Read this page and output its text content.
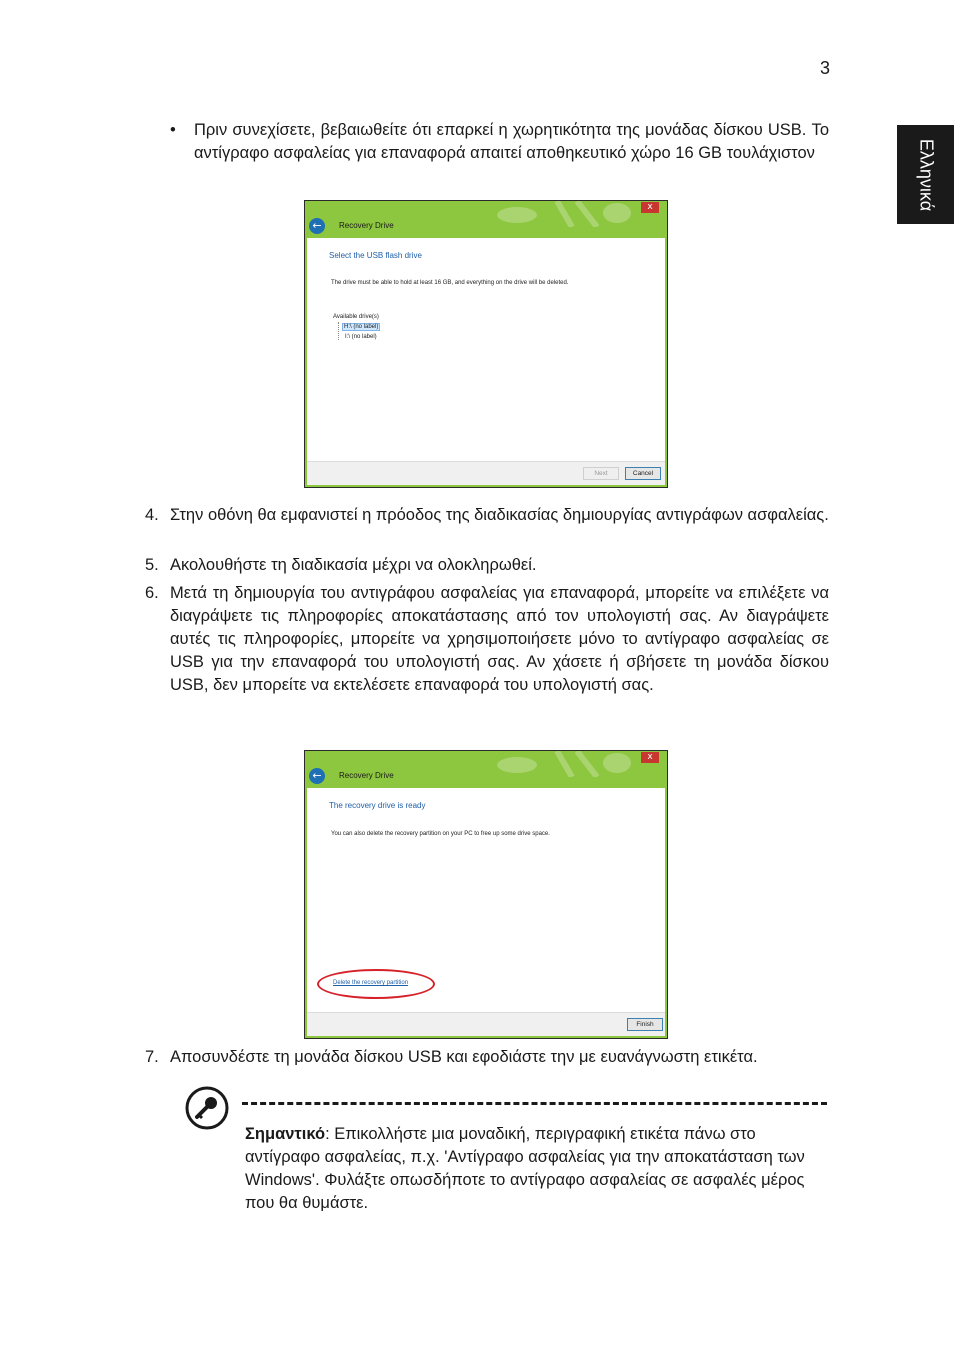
3
Ελληνικά
• Πριν συνεχίσετε, βεβαιωθείτε ότι επαρκεί η χωρητικότητα της μονάδας δίσκου USB. Το αντίγραφο ασφαλείας για επαναφορά απαιτεί αποθηκευτικό χώρο 16 GB τουλάχιστον
x
←	Recovery Drive
Select the USB flash drive
The drive must be able to hold at least 16 GB, and everything on the drive will be deleted.
Available drive(s)
H:\ (no label)
I:\ (no label)
Next	Cancel
4. Στην οθόνη θα εμφανιστεί η πρόοδος της διαδικασίας δημιουργίας αντιγράφων ασφαλείας.
5. Ακολουθήστε τη διαδικασία μέχρι να ολοκληρωθεί.
6. Μετά τη δημιουργία του αντιγράφου ασφαλείας για επαναφορά, μπορείτε να επιλέξετε να διαγράψετε τις πληροφορίες αποκατάστασης από τον υπολογιστή σας. Αν διαγράψετε αυτές τις πληροφορίες, μπορείτε να χρησιμοποιήσετε μόνο το αντίγραφο ασφαλείας σε USB για την επαναφορά του υπολογιστή σας. Αν χάσετε ή σβήσετε τη μονάδα δίσκου USB, δεν μπορείτε να εκτελέσετε επαναφορά του υπολογιστή σας.
x
←	Recovery Drive
The recovery drive is ready
You can also delete the recovery partition on your PC to free up some drive space.
Delete the recovery partition
Finish
7. Αποσυνδέστε τη μονάδα δίσκου USB και εφοδιάστε την με ευανάγνωστη ετικέτα.
Σημαντικό: Επικολλήστε μια μοναδική, περιγραφική ετικέτα πάνω στο αντίγραφο ασφαλείας, π.χ. 'Αντίγραφο ασφαλείας για την αποκατάσταση των Windows'. Φυλάξτε οπωσδήποτε το αντίγραφο ασφαλείας σε ασφαλές μέρος που θα θυμάστε.
